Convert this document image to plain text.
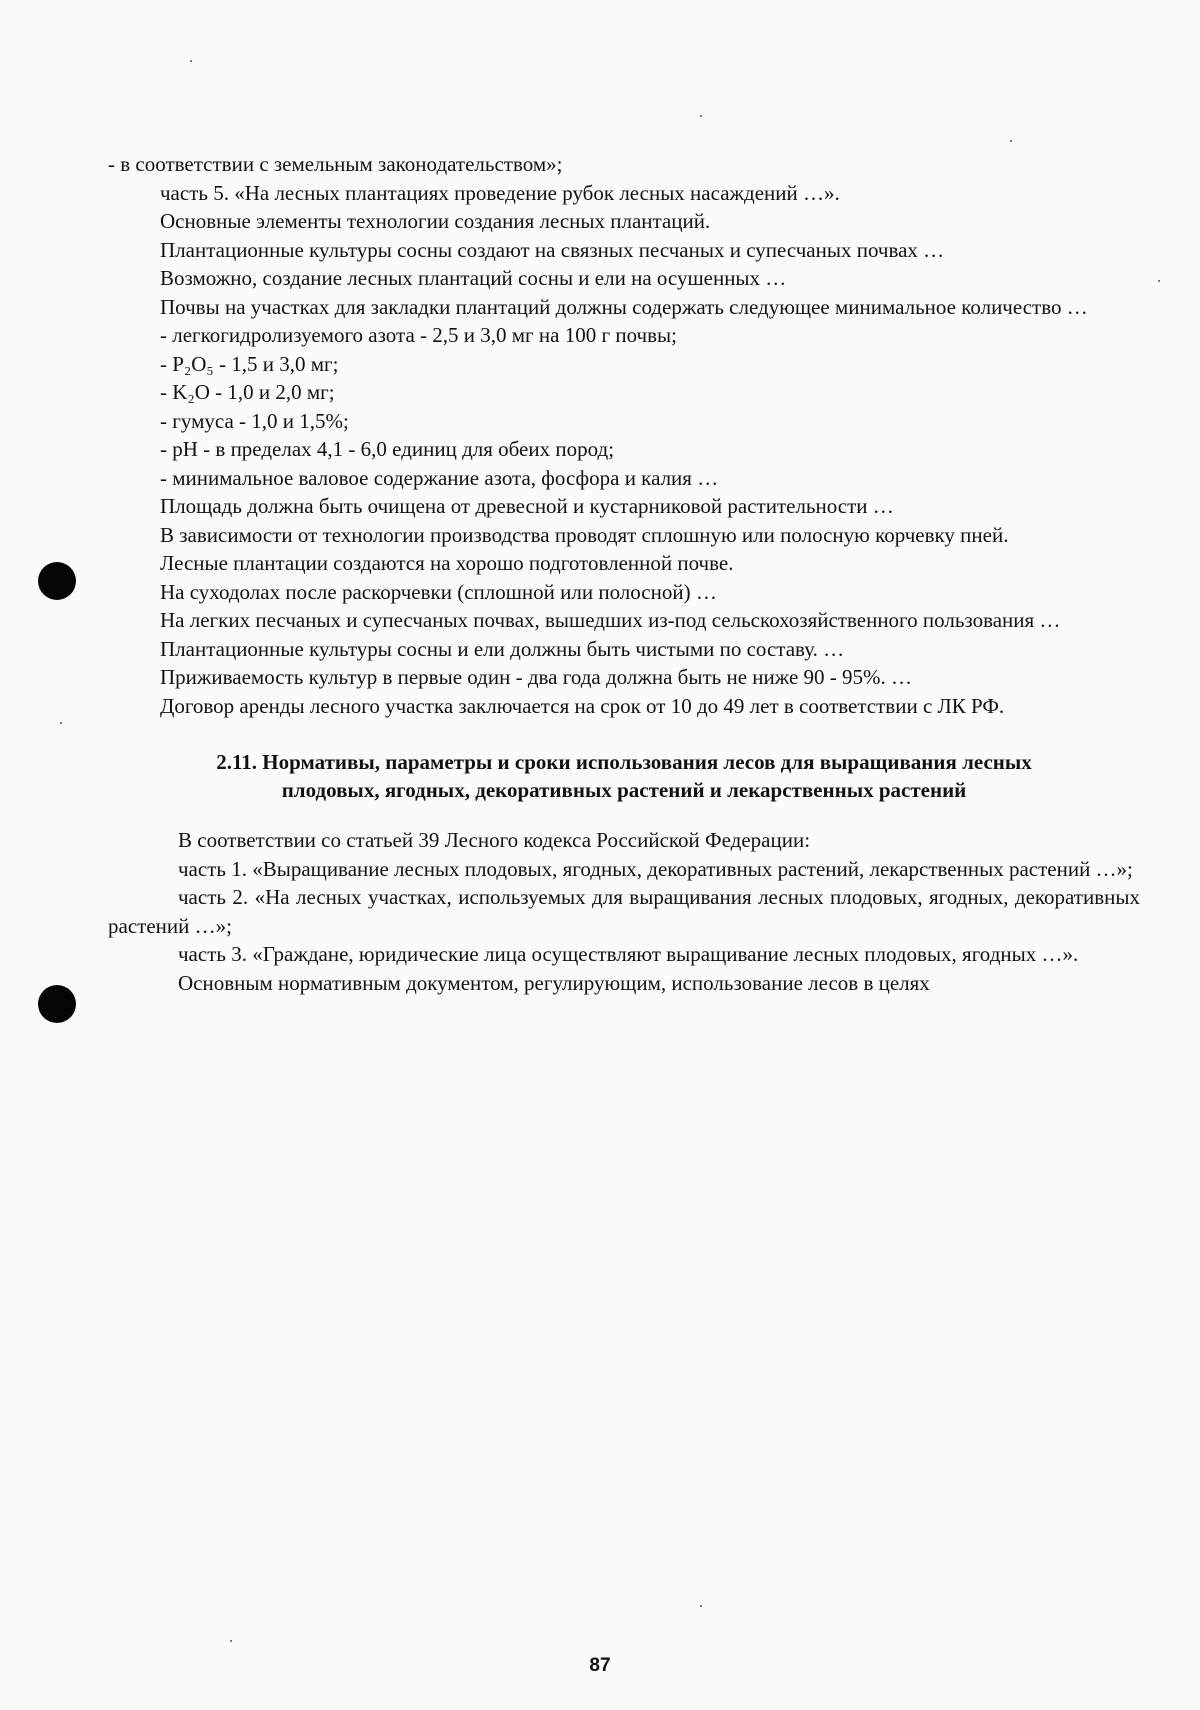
- в соответствии с земельным законодательством»;

часть 5. «На лесных плантациях проведение рубок лесных насаждений …».

Основные элементы технологии создания лесных плантаций.

Плантационные культуры сосны создают на связных песчаных и супесчаных почвах …

Возможно, создание лесных плантаций сосны и ели на осушенных …

Почвы на участках для закладки плантаций должны содержать следующее минимальное количество …

- легкогидролизуемого азота - 2,5 и 3,0 мг на 100 г почвы;

- P₂O₅ - 1,5 и 3,0 мг;

- K₂O - 1,0 и 2,0 мг;

- гумуса - 1,0 и 1,5%;

- pH - в пределах 4,1 - 6,0 единиц для обеих пород;

- минимальное валовое содержание азота, фосфора и калия …

Площадь должна быть очищена от древесной и кустарниковой растительности …

В зависимости от технологии производства проводят сплошную или полосную корчевку пней.

Лесные плантации создаются на хорошо подготовленной почве.

На суходолах после раскорчевки (сплошной или полосной) …

На легких песчаных и супесчаных почвах, вышедших из-под сельскохозяйственного пользования …

Плантационные культуры сосны и ели должны быть чистыми по составу. …

Приживаемость культур в первые один - два года должна быть не ниже 90 - 95%. …

Договор аренды лесного участка заключается на срок от 10 до 49 лет в соответствии с ЛК РФ.

2.11. Нормативы, параметры и сроки использования лесов для выращивания лесных плодовых, ягодных, декоративных растений и лекарственных растений

В соответствии со статьей 39 Лесного кодекса Российской Федерации:

часть 1. «Выращивание лесных плодовых, ягодных, декоративных растений, лекарственных растений …»;

часть 2. «На лесных участках, используемых для выращивания лесных плодовых, ягодных, декоративных растений …»;

часть 3. «Граждане, юридические лица осуществляют выращивание лесных плодовых, ягодных …».

Основным нормативным документом, регулирующим, использование лесов в целях

87
